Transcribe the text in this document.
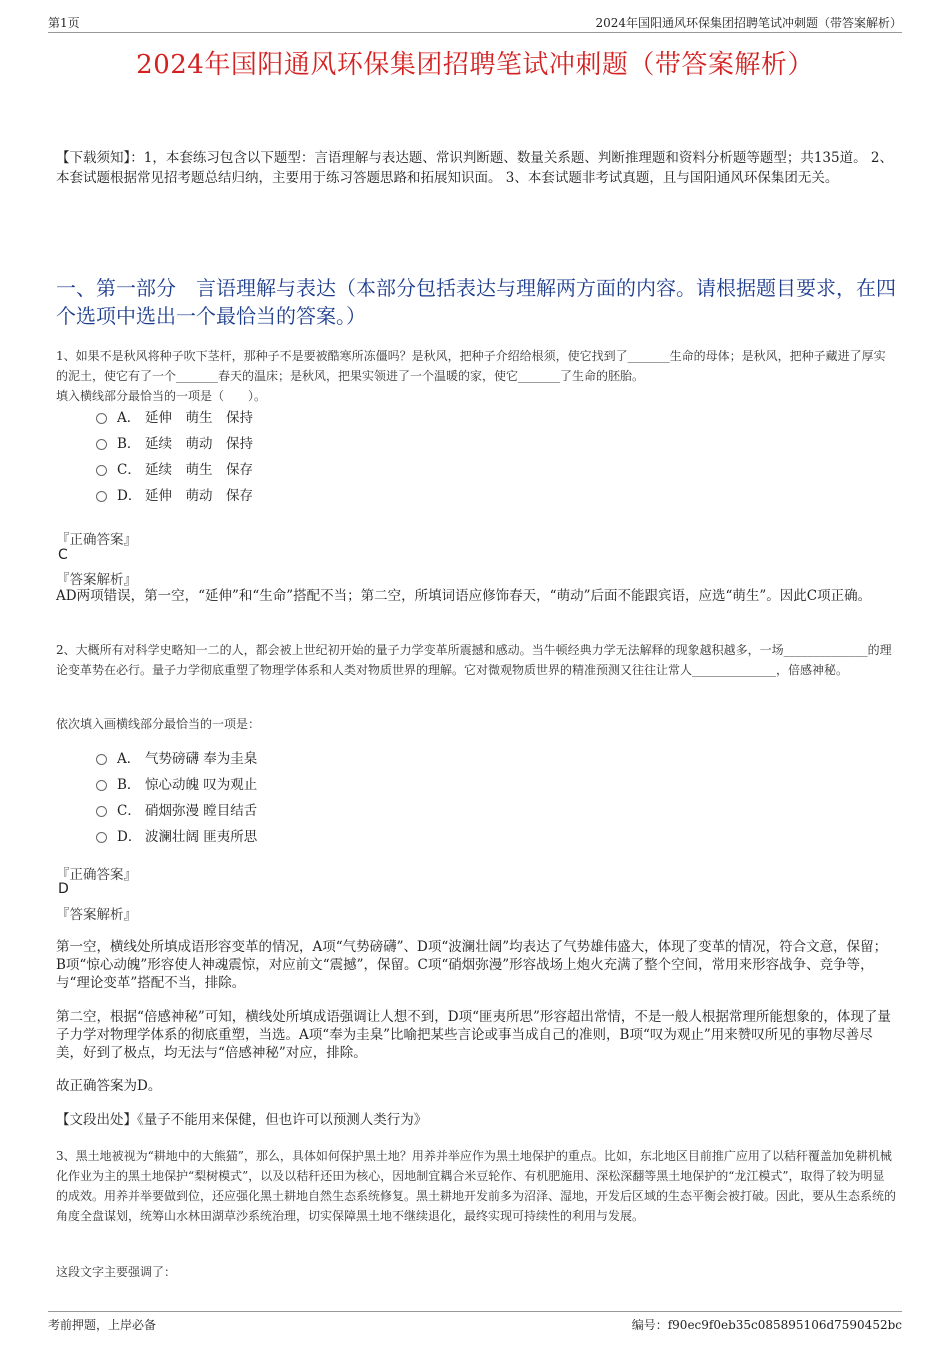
第1页	2024年国阳通风环保集团招聘笔试冲刺题（带答案解析）
2024年国阳通风环保集团招聘笔试冲刺题（带答案解析）
【下载须知】：1，本套练习包含以下题型：言语理解与表达题、常识判断题、数量关系题、判断推理题和资料分析题等题型；共135道。 2、本套试题根据常见招考题总结归纳，主要用于练习答题思路和拓展知识面。 3、本套试题非考试真题，且与国阳通风环保集团无关。
一、第一部分　言语理解与表达（本部分包括表达与理解两方面的内容。请根据题目要求，在四个选项中选出一个最恰当的答案。）
1、如果不是秋风将种子吹下茎杆，那种子不是要被酷寒所冻僵吗？是秋风，把种子介绍给根须，使它找到了_______生命的母体；是秋风，把种子藏进了厚实的泥土，使它有了一个_______春天的温床；是秋风，把果实领进了一个温暖的家，使它_______了生命的胚胎。
填入横线部分最恰当的一项是（　　）。
A． 延伸　萌生　保持
B． 延续　萌动　保持
C． 延续　萌生　保存
D． 延伸　萌动　保存
『正确答案』
C
『答案解析』
AD两项错误，第一空，“延伸”和“生命”搭配不当；第二空，所填词语应修饰春天，“萌动”后面不能跟宾语，应选“萌生”。因此C项正确。
2、大概所有对科学史略知一二的人，都会被上世纪初开始的量子力学变革所震撼和感动。当牛顿经典力学无法解释的现象越积越多，一场______________的理论变革势在必行。量子力学彻底重塑了物理学体系和人类对物质世界的理解。它对微观物质世界的精准预测又往往让常人______________，倍感神秘。
依次填入画横线部分最恰当的一项是：
A． 气势磅礴 奉为圭臬
B． 惊心动魄 叹为观止
C． 硝烟弥漫 瞠目结舌
D． 波澜壮阔 匪夷所思
『正确答案』
D
『答案解析』
第一空，横线处所填成语形容变革的情况，A项“气势磅礴”、D项“波澜壮阔”均表达了气势雄伟盛大，体现了变革的情况，符合文意，保留；B项“惊心动魄”形容使人神魂震惊，对应前文“震撼”，保留。C项“硝烟弥漫”形容战场上炮火充满了整个空间，常用来形容战争、竞争等，与“理论变革”搭配不当，排除。
第二空，根据“倍感神秘”可知，横线处所填成语强调让人想不到，D项“匪夷所思”形容超出常情，不是一般人根据常理所能想象的，体现了量子力学对物理学体系的彻底重塑，当选。A项“奉为圭臬”比喻把某些言论或事当成自己的准则，B项“叹为观止”用来赞叹所见的事物尽善尽美，好到了极点，均无法与“倍感神秘”对应，排除。
故正确答案为D。
【文段出处】《量子不能用来保健，但也许可以预测人类行为》
3、黑土地被视为“耕地中的大熊猫”，那么，具体如何保护黑土地？用养并举应作为黑土地保护的重点。比如，东北地区目前推广应用了以秸秆覆盖加免耕机械化作业为主的黑土地保护“梨树模式”，以及以秸秆还田为核心，因地制宜耦合米豆轮作、有机肥施用、深松深翻等黑土地保护的“龙江模式”，取得了较为明显的成效。用养并举要做到位，还应强化黑土耕地自然生态系统修复。黑土耕地开发前多为沼泽、湿地，开发后区域的生态平衡会被打破。因此，要从生态系统的角度全盘谋划，统筹山水林田湖草沙系统治理，切实保障黑土地不继续退化，最终实现可持续性的利用与发展。
这段文字主要强调了：
考前押题，上岸必备	编号：f90ec9f0eb35c085895106d7590452bc
